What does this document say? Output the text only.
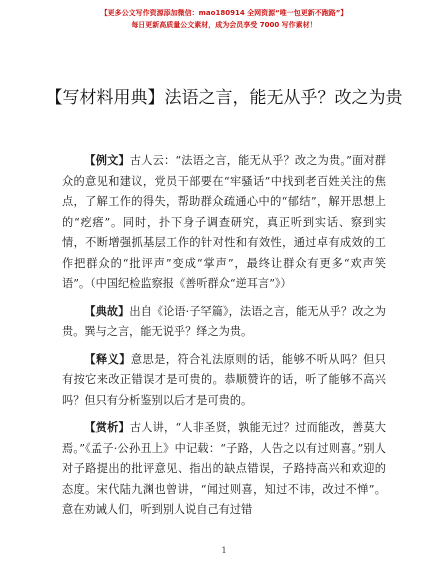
【更多公文写作资源添加微信：mao180914 全网资源“唯一包更新不跑路”】
每日更新高质量公文素材，成为会员享受 7000 写作素材！
【写材料用典】法语之言，能无从乎？改之为贵

【例文】古人云：“法语之言，能无从乎？改之为贵。”面对群众的意见和建议，党员干部要在“牢骚话”中找到老百姓关注的焦点，了解工作的得失，帮助群众疏通心中的“郁结”，解开思想上的“疙瘩”。同时，扑下身子调查研究，真正听到实话、察到实情，不断增强抓基层工作的针对性和有效性，通过卓有成效的工作把群众的“批评声”变成“掌声”，最终让群众有更多“欢声笑语”。（中国纪检监察报《善听群众“逆耳言”》）

【典故】出自《论语·子罕篇》，法语之言，能无从乎？改之为贵。巽与之言，能无说乎？绎之为贵。

【释义】意思是，符合礼法原则的话，能够不听从吗？但只有按它来改正错误才是可贵的。恭顺赞许的话，听了能够不高兴吗？但只有分析鉴别以后才是可贵的。

【赏析】古人讲，“人非圣贤，孰能无过？过而能改，善莫大焉。”《孟子·公孙丑上》中记载：“子路，人告之以有过则喜。”别人对子路提出的批评意见、指出的缺点错误，子路持高兴和欢迎的态度。宋代陆九渊也曾讲，“闻过则喜，知过不讳，改过不惮”。意在劝诫人们，听到别人说自己有过错

1
